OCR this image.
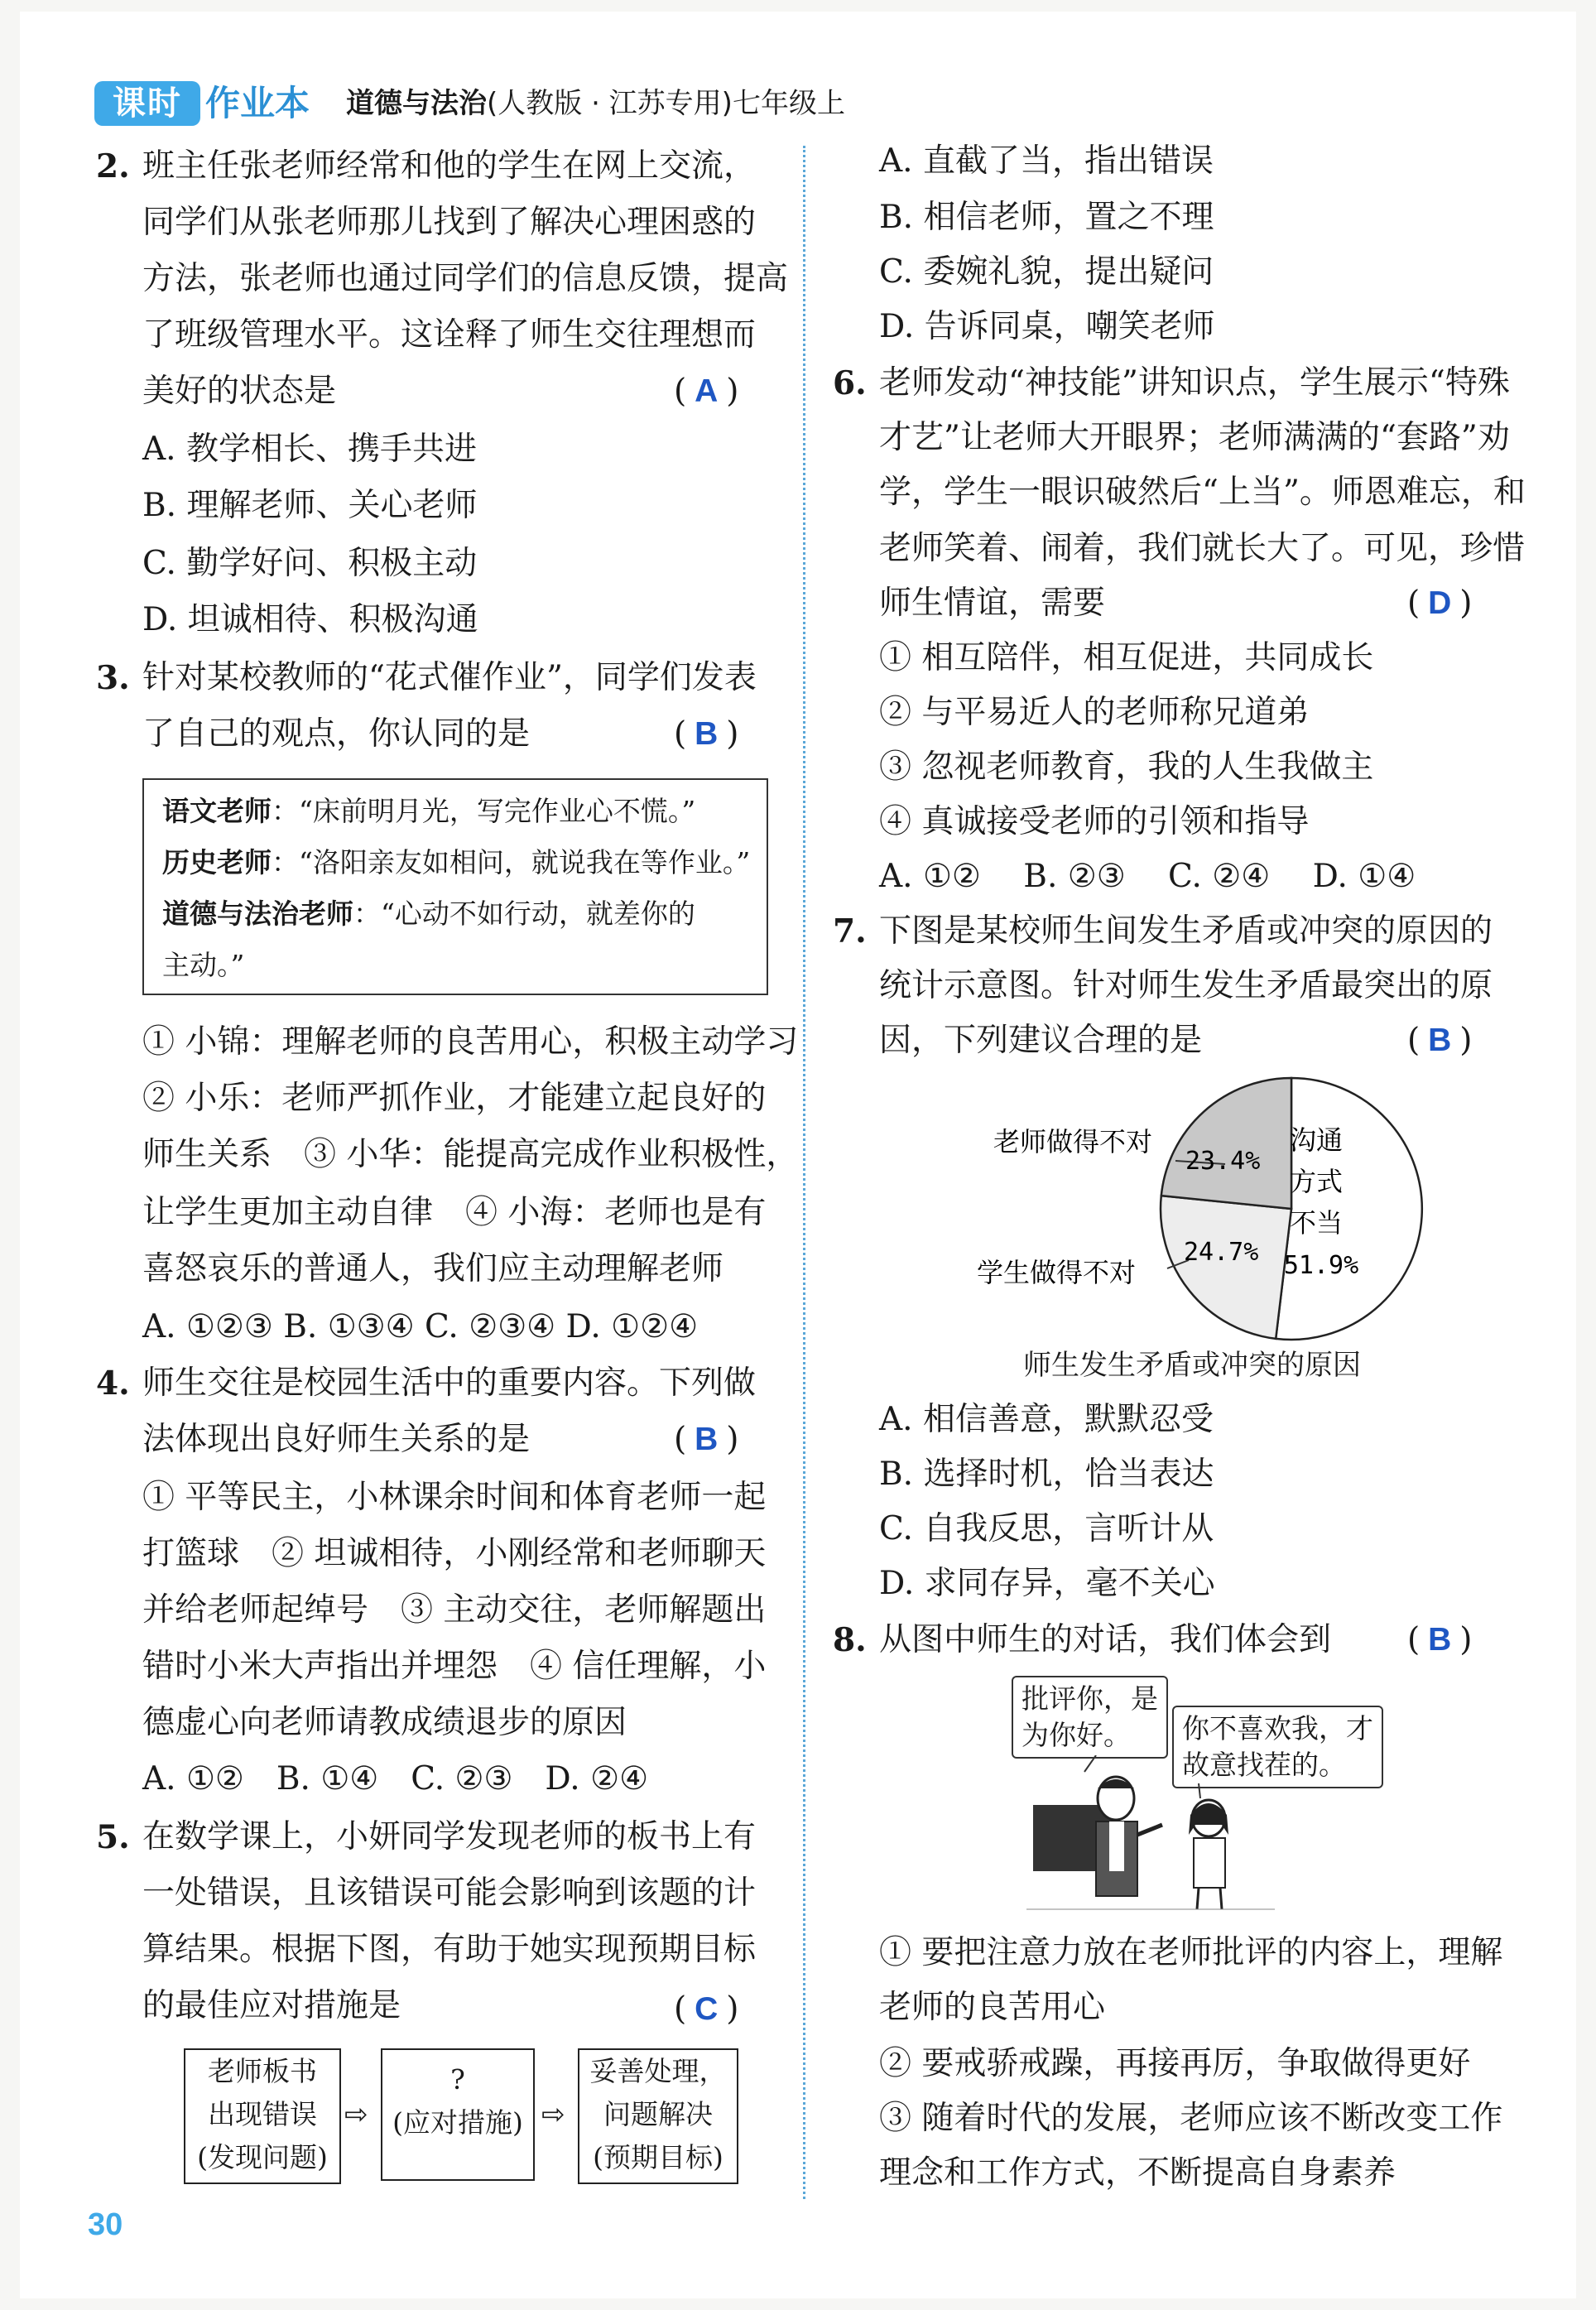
课时 作业本 道德与法治(人教版 · 江苏专用)七年级上
2. 班主任张老师经常和他的学生在网上交流，
同学们从张老师那儿找到了解决心理困惑的
方法，张老师也通过同学们的信息反馈，提高
了班级管理水平。这诠释了师生交往理想而
美好的状态是	( A )
A. 教学相长、携手共进
B. 理解老师、关心老师
C. 勤学好问、积极主动
D. 坦诚相待、积极沟通
3. 针对某校教师的“花式催作业”，同学们发表
了自己的观点，你认同的是	( B )
语文老师：“床前明月光，写完作业心不慌。”
历史老师：“洛阳亲友如相问，就说我在等作业。”
道德与法治老师：“心动不如行动，就差你的
主动。”
① 小锦：理解老师的良苦用心，积极主动学习
② 小乐：老师严抓作业，才能建立起良好的
师生关系　③ 小华：能提高完成作业积极性，
让学生更加主动自律　④ 小海：老师也是有
喜怒哀乐的普通人，我们应主动理解老师
A. ①②③ B. ①③④ C. ②③④ D. ①②④
4. 师生交往是校园生活中的重要内容。下列做
法体现出良好师生关系的是	( B )
① 平等民主，小林课余时间和体育老师一起
打篮球　② 坦诚相待，小刚经常和老师聊天
并给老师起绰号　③ 主动交往，老师解题出
错时小米大声指出并埋怨　④ 信任理解，小
德虚心向老师请教成绩退步的原因
A. ①②　B. ①④　C. ②③　D. ②④
5. 在数学课上，小妍同学发现老师的板书上有
一处错误，且该错误可能会影响到该题的计
算结果。根据下图，有助于她实现预期目标
的最佳应对措施是	( C )
老师板书
出现错误
(发现问题)
⇨
?
(应对措施) ⇨
妥善处理，
问题解决
(预期目标)
A. 直截了当，指出错误
B. 相信老师，置之不理
C. 委婉礼貌，提出疑问
D. 告诉同桌，嘲笑老师
6. 老师发动“神技能”讲知识点，学生展示“特殊
才艺”让老师大开眼界；老师满满的“套路”劝
学，学生一眼识破然后“上当”。师恩难忘，和
老师笑着、闹着，我们就长大了。可见，珍惜
师生情谊，需要	( D )
① 相互陪伴，相互促进，共同成长
② 与平易近人的老师称兄道弟
③ 忽视老师教育，我的人生我做主
④ 真诚接受老师的引领和指导
A. ①②　 B. ②③　 C. ②④　 D. ①④
7. 下图是某校师生间发生矛盾或冲突的原因的
统计示意图。针对师生发生矛盾最突出的原
因，下列建议合理的是	( B )
老师做得不对
学生做得不对
23.4%
24.7%
沟通
方式
不当
51.9%
师生发生矛盾或冲突的原因
A. 相信善意，默默忍受
B. 选择时机，恰当表达
C. 自我反思，言听计从
D. 求同存异，毫不关心
8. 从图中师生的对话，我们体会到 ( B )
批评你，是
为你好。	你不喜欢我，才
故意找茬的。
① 要把注意力放在老师批评的内容上，理解
老师的良苦用心
② 要戒骄戒躁，再接再厉，争取做得更好
③ 随着时代的发展，老师应该不断改变工作
理念和工作方式，不断提高自身素养
30
